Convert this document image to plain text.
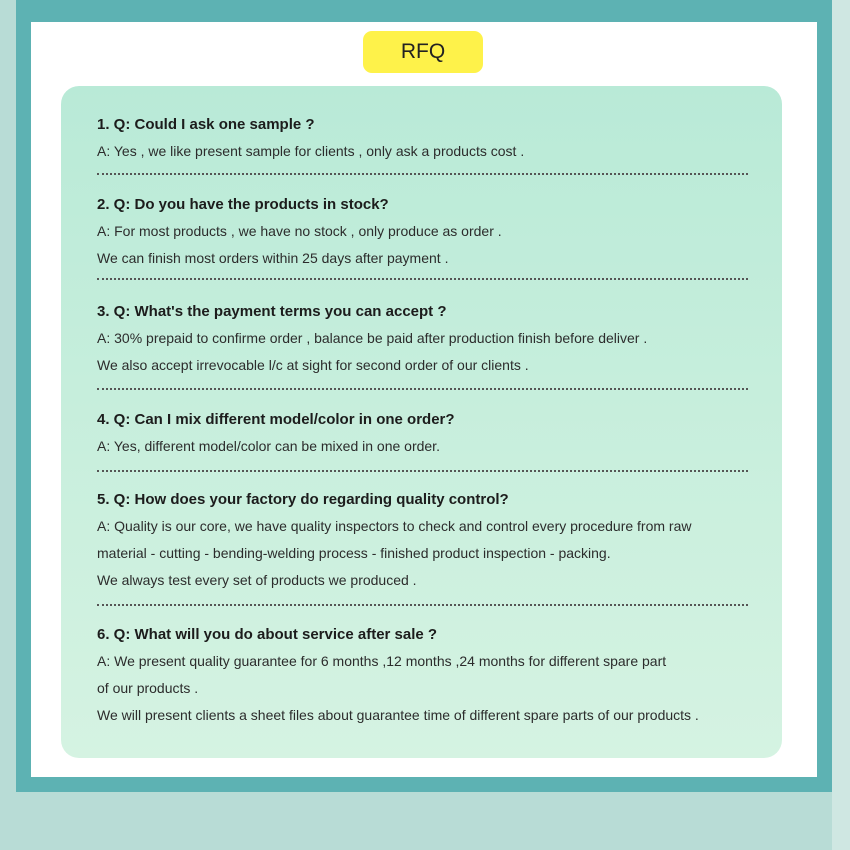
RFQ
1. Q: Could I ask one sample ?
A: Yes , we like present sample for clients , only ask a products cost .
2. Q: Do you have the products in stock?
A: For most products , we have no stock , only produce as order .
We can finish most orders within 25 days after payment .
3. Q: What's the payment terms you can accept ?
A: 30% prepaid to confirme order , balance be paid after production finish before deliver .
We also accept irrevocable l/c at sight for second order of our clients .
4. Q: Can I mix different model/color in one order?
A: Yes, different model/color can be mixed in one order.
5. Q: How does your factory do regarding quality control?
A: Quality is our core, we have quality inspectors to check and control every procedure from raw
material - cutting - bending-welding process - finished product inspection - packing.
We always test every set of products we produced .
6. Q: What will you do about service after sale ?
A: We present quality guarantee for 6 months ,12 months ,24 months for different spare part
of our products .
We will present clients a sheet files about guarantee time of different spare parts of our products .
